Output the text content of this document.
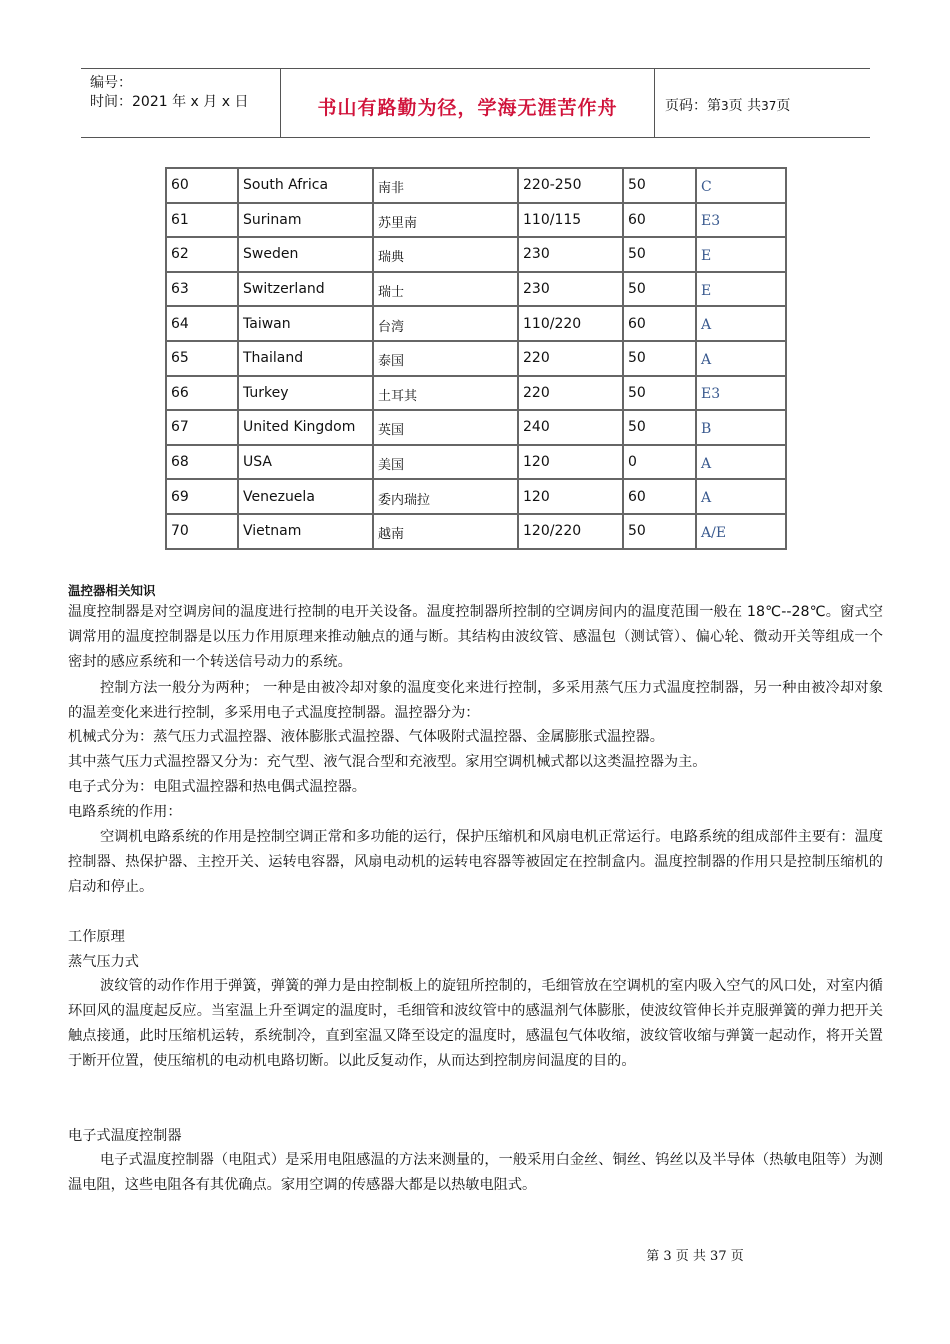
编号：
时间：2021 年 x 月 x 日	书山有路勤为径，学海无涯苦作舟	页码：第3页 共37页
60	South Africa	南非	220-250	50	C
61	Surinam	苏里南	110/115	60	E3
62	Sweden	瑞典	230	50	E
63	Switzerland	瑞士	230	50	E
64	Taiwan	台湾	110/220	60	A
65	Thailand	泰国	220	50	A
66	Turkey	土耳其	220	50	E3
67	United Kingdom	英国	240	50	B
68	USA	美国	120	0	A
69	Venezuela	委内瑞拉	120	60	A
70	Vietnam	越南	120/220	50	A/E
温控器相关知识
温度控制器是对空调房间的温度进行控制的电开关设备。温度控制器所控制的空调房间内的温度范围一般在 18℃--28℃。窗式空调常用的温度控制器是以压力作用原理来推动触点的通与断。其结构由波纹管、感温包（测试管）、偏心轮、微动开关等组成一个密封的感应系统和一个转送信号动力的系统。
控制方法一般分为两种； 一种是由被冷却对象的温度变化来进行控制，多采用蒸气压力式温度控制器，另一种由被冷却对象的温差变化来进行控制，多采用电子式温度控制器。温控器分为：
机械式分为：蒸气压力式温控器、液体膨胀式温控器、气体吸附式温控器、金属膨胀式温控器。
其中蒸气压力式温控器又分为：充气型、液气混合型和充液型。家用空调机械式都以这类温控器为主。
电子式分为：电阻式温控器和热电偶式温控器。
电路系统的作用：
空调机电路系统的作用是控制空调正常和多功能的运行，保护压缩机和风扇电机正常运行。电路系统的组成部件主要有：温度控制器、热保护器、主控开关、运转电容器，风扇电动机的运转电容器等被固定在控制盒内。温度控制器的作用只是控制压缩机的启动和停止。
工作原理
蒸气压力式
波纹管的动作作用于弹簧，弹簧的弹力是由控制板上的旋钮所控制的，毛细管放在空调机的室内吸入空气的风口处，对室内循环回风的温度起反应。当室温上升至调定的温度时，毛细管和波纹管中的感温剂气体膨胀，使波纹管伸长并克服弹簧的弹力把开关触点接通，此时压缩机运转，系统制冷，直到室温又降至设定的温度时，感温包气体收缩，波纹管收缩与弹簧一起动作，将开关置于断开位置，使压缩机的电动机电路切断。以此反复动作，从而达到控制房间温度的目的。
电子式温度控制器
电子式温度控制器（电阻式）是采用电阻感温的方法来测量的，一般采用白金丝、铜丝、钨丝以及半导体（热敏电阻等）为测温电阻，这些电阻各有其优确点。家用空调的传感器大都是以热敏电阻式。
第 3 页 共 37 页
